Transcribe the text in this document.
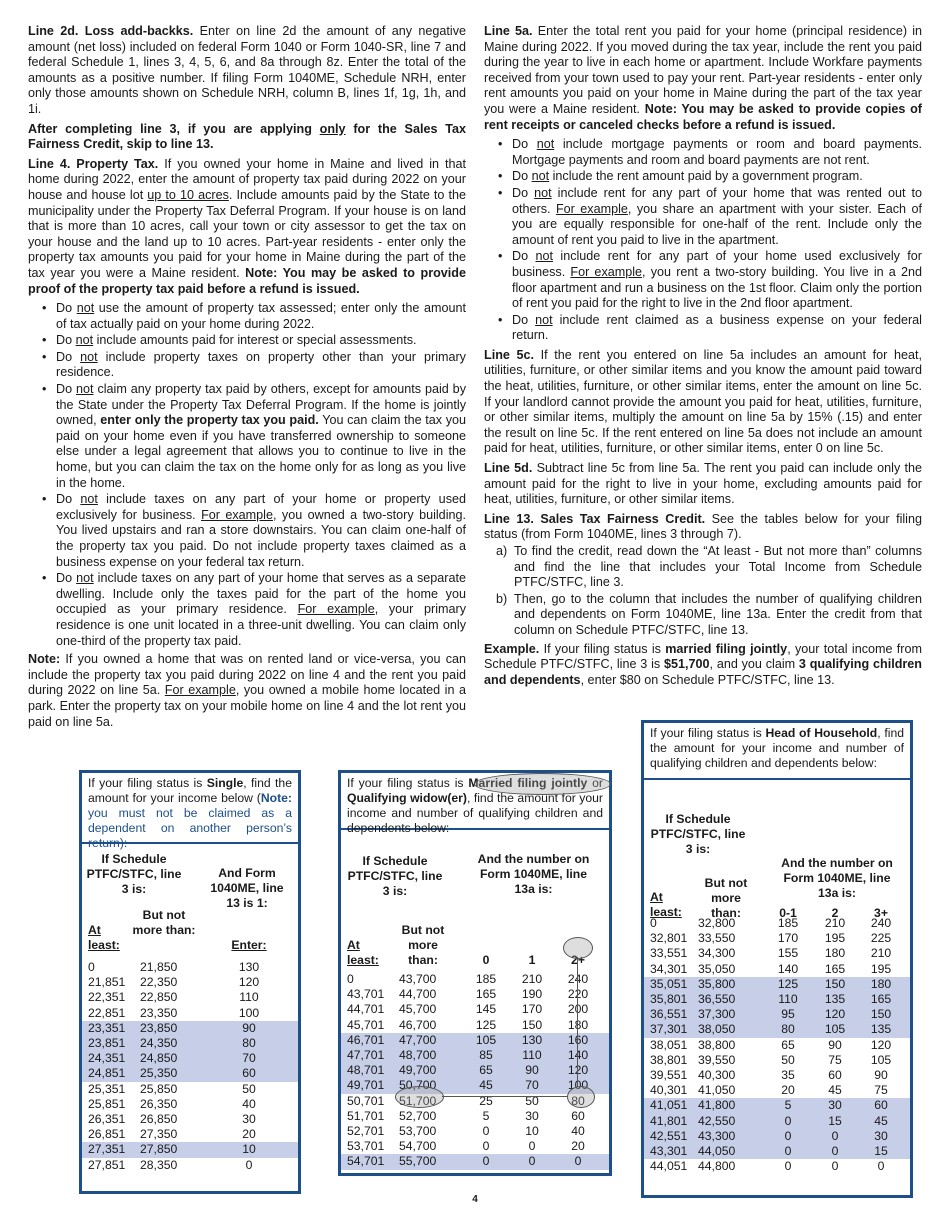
Line 2d. Loss add-backks. Enter on line 2d the amount of any negative amount (net loss) included on federal Form 1040 or Form 1040-SR, line 7 and federal Schedule 1, lines 3, 4, 5, 6, and 8a through 8z. Enter the total of the amounts as a positive number. If filing Form 1040ME, Schedule NRH, enter only those amounts shown on Schedule NRH, column B, lines 1f, 1g, 1h, and 1i.

After completing line 3, if you are applying only for the Sales Tax Fairness Credit, skip to line 13.

Line 4. Property Tax. If you owned your home in Maine and lived in that home during 2022, enter the amount of property tax paid during 2022 on your house and house lot up to 10 acres. Include amounts paid by the State to the municipality under the Property Tax Deferral Program. If your house is on land that is more than 10 acres, call your town or city assessor to get the tax on your house and the land up to 10 acres. Part-year residents - enter only the property tax amounts you paid for your home in Maine during the part of the tax year you were a Maine resident. Note: You may be asked to provide proof of the property tax paid before a refund is issued.

• Do not use the amount of property tax assessed; enter only the amount of tax actually paid on your home during 2022.
• Do not include amounts paid for interest or special assessments.
• Do not include property taxes on property other than your primary residence.
• Do not claim any property tax paid by others, except for amounts paid by the State under the Property Tax Deferral Program. If the home is jointly owned, enter only the property tax you paid. You can claim the tax you paid on your home even if you have transferred ownership to someone else under a legal agreement that allows you to continue to live in the home, but you can claim the tax on the home only for as long as you live in the home.
• Do not include taxes on any part of your home or property used exclusively for business. For example, you owned a two-story building. You lived upstairs and ran a store downstairs. You can claim one-half of the property tax you paid. Do not include property taxes claimed as a business expense on your federal tax return.
• Do not include taxes on any part of your home that serves as a separate dwelling. Include only the taxes paid for the part of the home you occupied as your primary residence. For example, your primary residence is one unit located in a three-unit dwelling. You can claim only one-third of the property tax paid.

Note: If you owned a home that was on rented land or vice-versa, you can include the property tax you paid during 2022 on line 4 and the rent you paid during 2022 on line 5a. For example, you owned a mobile home located in a park. Enter the property tax on your mobile home on line 4 and the lot rent you paid on line 5a.

Line 5a. Enter the total rent you paid for your home (principal residence) in Maine during 2022. If you moved during the tax year, include the rent you paid during the year to live in each home or apartment. Include Workfare payments received from your town used to pay your rent. Part-year residents - enter only rent amounts you paid on your home in Maine during the part of the tax year you were a Maine resident. Note: You may be asked to provide copies of rent receipts or canceled checks before a refund is issued.

• Do not include mortgage payments or room and board payments. Mortgage payments and room and board payments are not rent.
• Do not include the rent amount paid by a government program.
• Do not include rent for any part of your home that was rented out to others. For example, you share an apartment with your sister. Each of you are equally responsible for one-half of the rent. Include only the amount of rent you paid to live in the apartment.
• Do not include rent for any part of your home used exclusively for business. For example, you rent a two-story building. You live in a 2nd floor apartment and run a business on the 1st floor. Claim only the portion of rent you paid for the right to live in the 2nd floor apartment.
• Do not include rent claimed as a business expense on your federal return.

Line 5c. If the rent you entered on line 5a includes an amount for heat, utilities, furniture, or other similar items and you know the amount paid toward the heat, utilities, furniture, or other similar items, enter the amount on line 5c. If your landlord cannot provide the amount you paid for heat, utilities, furniture, or other similar items, multiply the amount on line 5a by 15% (.15) and enter the result on line 5c. If the rent entered on line 5a does not include an amount paid for heat, utilities, furniture, or other similar items, enter 0 on line 5c.

Line 5d. Subtract line 5c from line 5a. The rent you paid can include only the amount paid for the right to live in your home, excluding amounts paid for heat, utilities, furniture, or other similar items.

Line 13. Sales Tax Fairness Credit. See the tables below for your filing status (from Form 1040ME, lines 3 through 7).

a) To find the credit, read down the “At least - But not more than” columns and find the line that includes your Total Income from Schedule PTFC/STFC, line 3.
b) Then, go to the column that includes the number of qualifying children and dependents on Form 1040ME, line 13a. Enter the credit from that column on Schedule PTFC/STFC, line 13.

Example. If your filing status is married filing jointly, your total income from Schedule PTFC/STFC, line 3 is $51,700, and you claim 3 qualifying children and dependents, enter $80 on Schedule PTFC/STFC, line 13.

If your filing status is Single, find the amount for your income below (Note: you must not be claimed as a dependent on another person’s return):
If Schedule PTFC/STFC, line 3 is:
And Form 1040ME, line 13 is 1:
At least:
But not more than:
Enter:
0	21,850	130
21,851 22,350	120
22,351 22,850	110
22,851 23,350	100
23,351 23,850	90
23,851 24,350	80
24,351 24,850	70
24,851 25,350	60
25,351 25,850	50
25,851 26,350	40
26,351 26,850	30
26,851 27,350	20
27,351 27,850	10
27,851 28,350	0
If your filing status is Married filing jointly or Qualifying widow(er), find the amount for your income and number of qualifying children and dependents below:
If Schedule PTFC/STFC, line 3 is:
And the number on Form 1040ME, line 13a is:
At least:
But not more than:	0	1	2+
0	43,700	185	210	240
43,701 44,700	165	190	220
44,701 45,700	145	170	200
45,701 46,700	125	150	180
46,701 47,700	105	130	160
47,701 48,700	85	110	140
48,701 49,700	65	90	120
49,701 50,700	45	70	100
50,701 51,700	25	50	80
51,701 52,700	5	30	60
52,701 53,700	0	10	40
53,701 54,700	0	0	20
54,701 55,700	0	0	0
If your filing status is Head of Household, find the amount for your income and number of qualifying children and dependents below:
If Schedule PTFC/STFC, line 3 is:
And the number on Form 1040ME, line 13a is:
At least:
But not more than:	0-1	2	3+
0	32,800	185	210	240
32,801 33,550	170	195	225
33,551 34,300	155	180	210
34,301 35,050	140	165	195
35,051 35,800	125	150	180
35,801 36,550	110	135	165
36,551 37,300	95	120	150
37,301 38,050	80	105	135
38,051 38,800	65	90	120
38,801 39,550	50	75	105
39,551 40,300	35	60	90
40,301 41,050	20	45	75
41,051 41,800	5	30	60
41,801 42,550	0	15	45
42,551 43,300	0	0	30
43,301 44,050	0	0	15
44,051 44,800	0	0	0
4
